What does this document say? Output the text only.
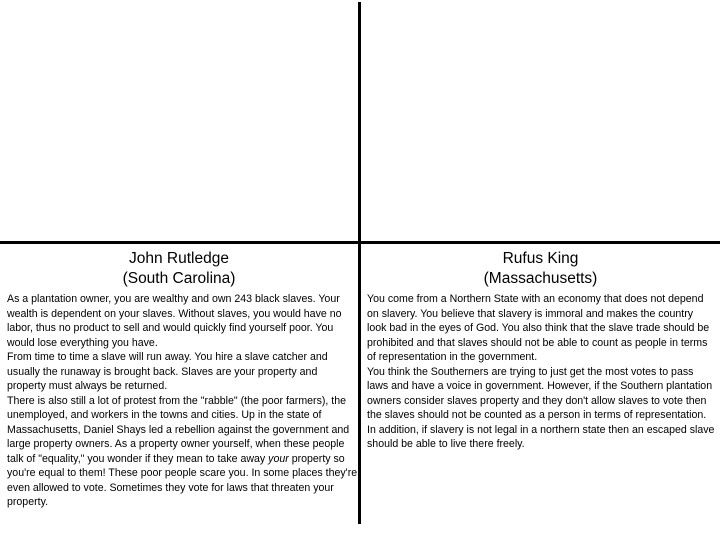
John Rutledge
(South Carolina)
Rufus King
(Massachusetts)

As a plantation owner, you are wealthy and own 243 black slaves. Your wealth is dependent on your slaves. Without slaves, you would have no labor, thus no product to sell and would quickly find yourself poor. You would lose everything you have.

From time to time a slave will run away. You hire a slave catcher and usually the runaway is brought back. Slaves are your property and property must always be returned.

There is also still a lot of protest from the "rabble" (the poor farmers), the unemployed, and workers in the towns and cities. Up in the state of Massachusetts, Daniel Shays led a rebellion against the government and large property owners. As a property owner yourself, when these people talk of "equality," you wonder if they mean to take away your property so you're equal to them! These poor people scare you. In some places they're even allowed to vote. Sometimes they vote for laws that threaten your property.

You come from a Northern State with an economy that does not depend on slavery. You believe that slavery is immoral and makes the country look bad in the eyes of God. You also think that the slave trade should be prohibited and that slaves should not be able to count as people in terms of representation in the government.

You think the Southerners are trying to just get the most votes to pass laws and have a voice in government. However, if the Southern plantation owners consider slaves property and they don't allow slaves to vote then the slaves should not be counted as a person in terms of representation. In addition, if slavery is not legal in a northern state then an escaped slave should be able to live there freely.
